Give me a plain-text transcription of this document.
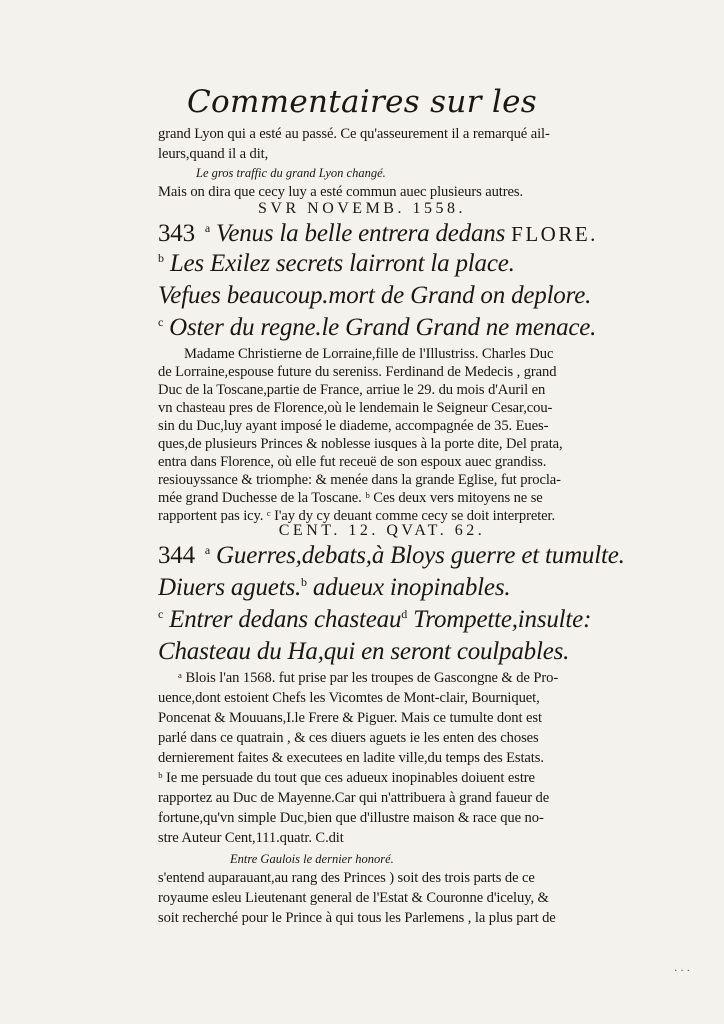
Commentaires sur les
grand Lyon qui a esté au passé. Ce qu'asseurement il a remarqué ail-
leurs,quand il a dit,
Le gros traffic du grand Lyon changé.
Mais on dira que cecy luy a esté commun auec plusieurs autres.
SVR NOVEMB. 1558.
343 $^a$ Venus la belle entrera dedans FLORE.
$^b$ Les Exilez secrets lairront la place.
Vefues beaucoup.mort de Grand on deplore.
$^c$ Oster du regne.le Grand Grand ne menace.
Madame Christierne de Lorraine,fille de l'Illustriss. Charles Duc
de Lorraine,espouse future du sereniss. Ferdinand de Medecis , grand
Duc de la Toscane,partie de France, arriue le 29. du mois d'Auril en
vn chasteau pres de Florence,où le lendemain le Seigneur Cesar,cou-
sin du Duc,luy ayant imposé le diademe, accompagnée de 35. Eues-
ques,de plusieurs Princes & noblesse iusques à la porte dite, Del prata,
entra dans Florence, où elle fut receuë de son espoux auec grandiss.
resiouyssance & triomphe: & menée dans la grande Eglise, fut procla-
mée grand Duchesse de la Toscane. ᵇ Ces deux vers mitoyens ne se
rapportent pas icy. ᶜ I'ay dy cy deuant comme cecy se doit interpreter.
CENT. 12. QVAT. 62.
344 $^a$ Guerres,debats,à Bloys guerre et tumulte.
Diuers aguets.$^b$ adueux inopinables.
$^c$ Entrer dedans chasteau$^d$ Trompette,insulte:
Chasteau du Ha,qui en seront coulpables.
ᵃ Blois l'an 1568. fut prise par les troupes de Gascongne & de Pro-
uence,dont estoient Chefs les Vicomtes de Mont-clair, Bourniquet,
Poncenat & Mouuans,I.le Frere & Piguer. Mais ce tumulte dont est
parlé dans ce quatrain , & ces diuers aguets ie les enten des choses
dernierement faites & executees en ladite ville,du temps des Estats.
ᵇ Ie me persuade du tout que ces adueux inopinables doiuent estre
rapportez au Duc de Mayenne.Car qui n'attribuera à grand faueur de
fortune,qu'vn simple Duc,bien que d'illustre maison & race que no-
stre Auteur Cent,111.quatr. C.dit
Entre Gaulois le dernier honoré.
s'entend auparauant,au rang des Princes ) soit des trois parts de ce
royaume esleu Lieutenant general de l'Estat & Couronne d'iceluy, &
soit recherché pour le Prince à qui tous les Parlemens , la plus part de
· · ·
